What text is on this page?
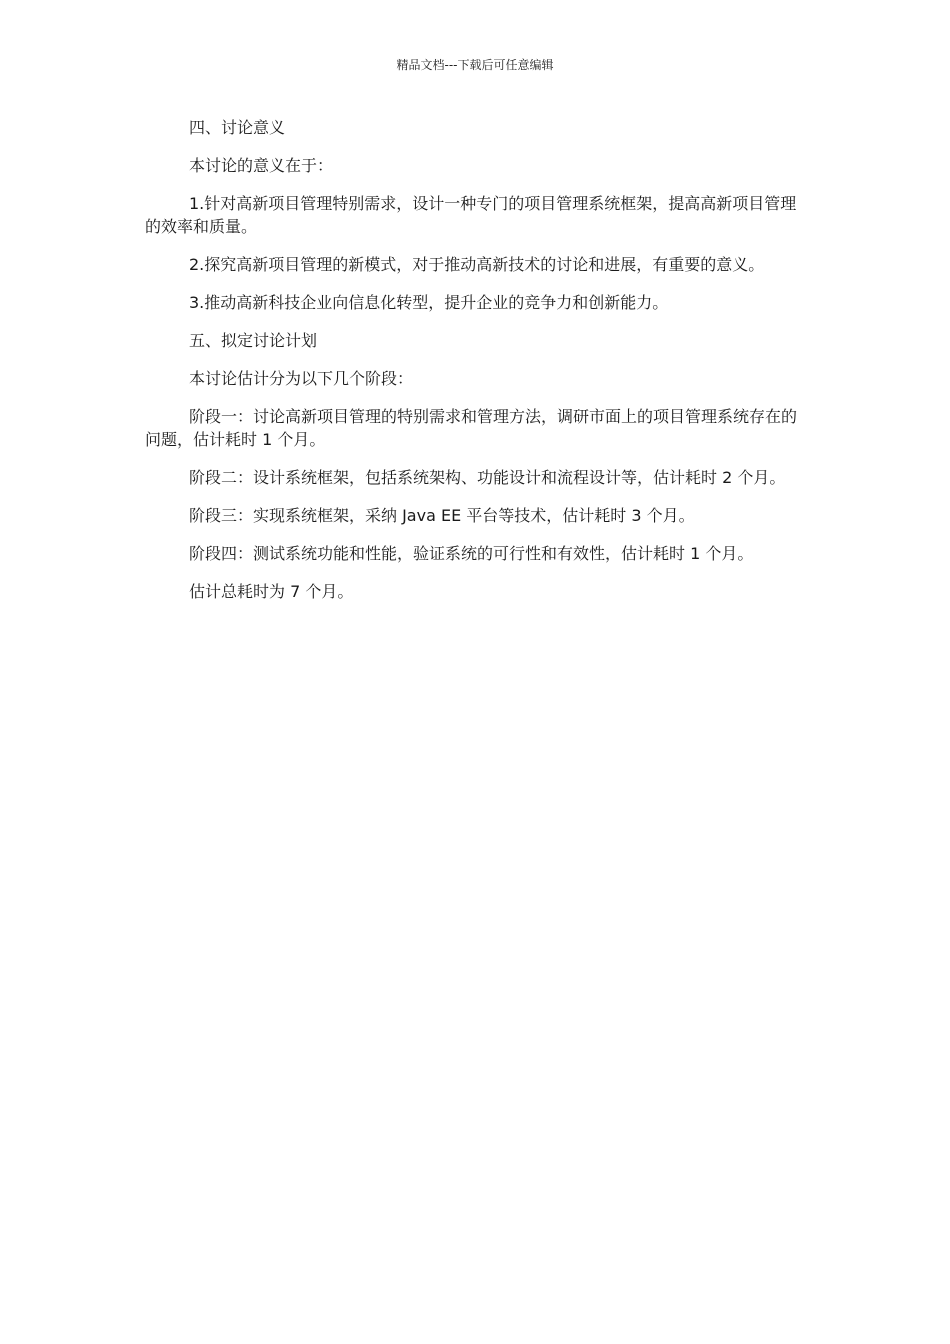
精品文档---下载后可任意编辑

四、讨论意义

本讨论的意义在于：

1.针对高新项目管理特别需求，设计一种专门的项目管理系统框架，提高高新项目管理的效率和质量。

2.探究高新项目管理的新模式，对于推动高新技术的讨论和进展，有重要的意义。

3.推动高新科技企业向信息化转型，提升企业的竞争力和创新能力。

五、拟定讨论计划

本讨论估计分为以下几个阶段：

阶段一：讨论高新项目管理的特别需求和管理方法，调研市面上的项目管理系统存在的问题，估计耗时 1 个月。

阶段二：设计系统框架，包括系统架构、功能设计和流程设计等，估计耗时 2 个月。

阶段三：实现系统框架，采纳 Java EE 平台等技术，估计耗时 3 个月。

阶段四：测试系统功能和性能，验证系统的可行性和有效性，估计耗时 1 个月。

估计总耗时为 7 个月。
